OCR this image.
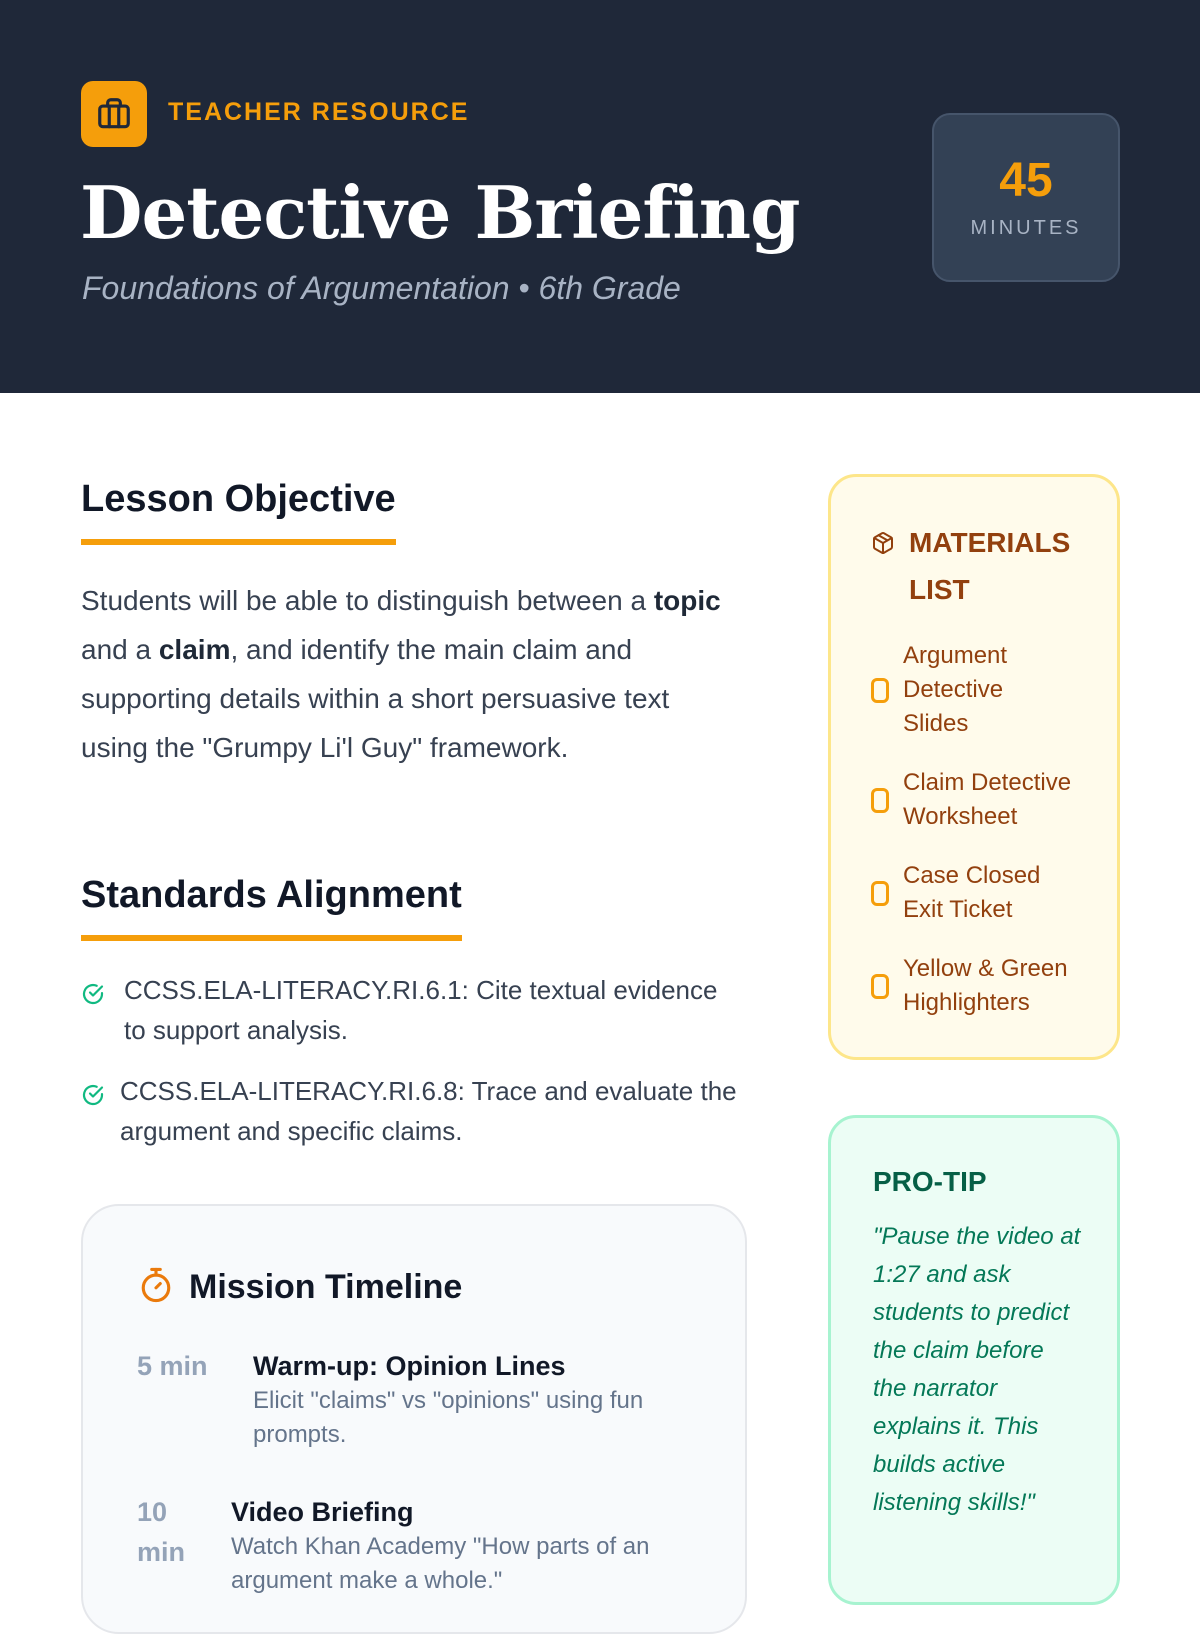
TEACHER RESOURCE
Detective Briefing
Foundations of Argumentation • 6th Grade
45
MINUTES
Lesson Objective
Students will be able to distinguish between a topic and a claim, and identify the main claim and supporting details within a short persuasive text using the "Grumpy Li'l Guy" framework.
Standards Alignment
CCSS.ELA-LITERACY.RI.6.1: Cite textual evidence to support analysis.
CCSS.ELA-LITERACY.RI.6.8: Trace and evaluate the argument and specific claims.
Mission Timeline
5 min Warm-up: Opinion Lines
Elicit "claims" vs "opinions" using fun prompts.
10 min
Video Briefing
Watch Khan Academy "How parts of an argument make a whole."
MATERIALS LIST
Argument Detective Slides
Claim Detective Worksheet
Case Closed Exit Ticket
Yellow & Green Highlighters
PRO-TIP
"Pause the video at 1:27 and ask students to predict the claim before the narrator explains it. This builds active listening skills!"
